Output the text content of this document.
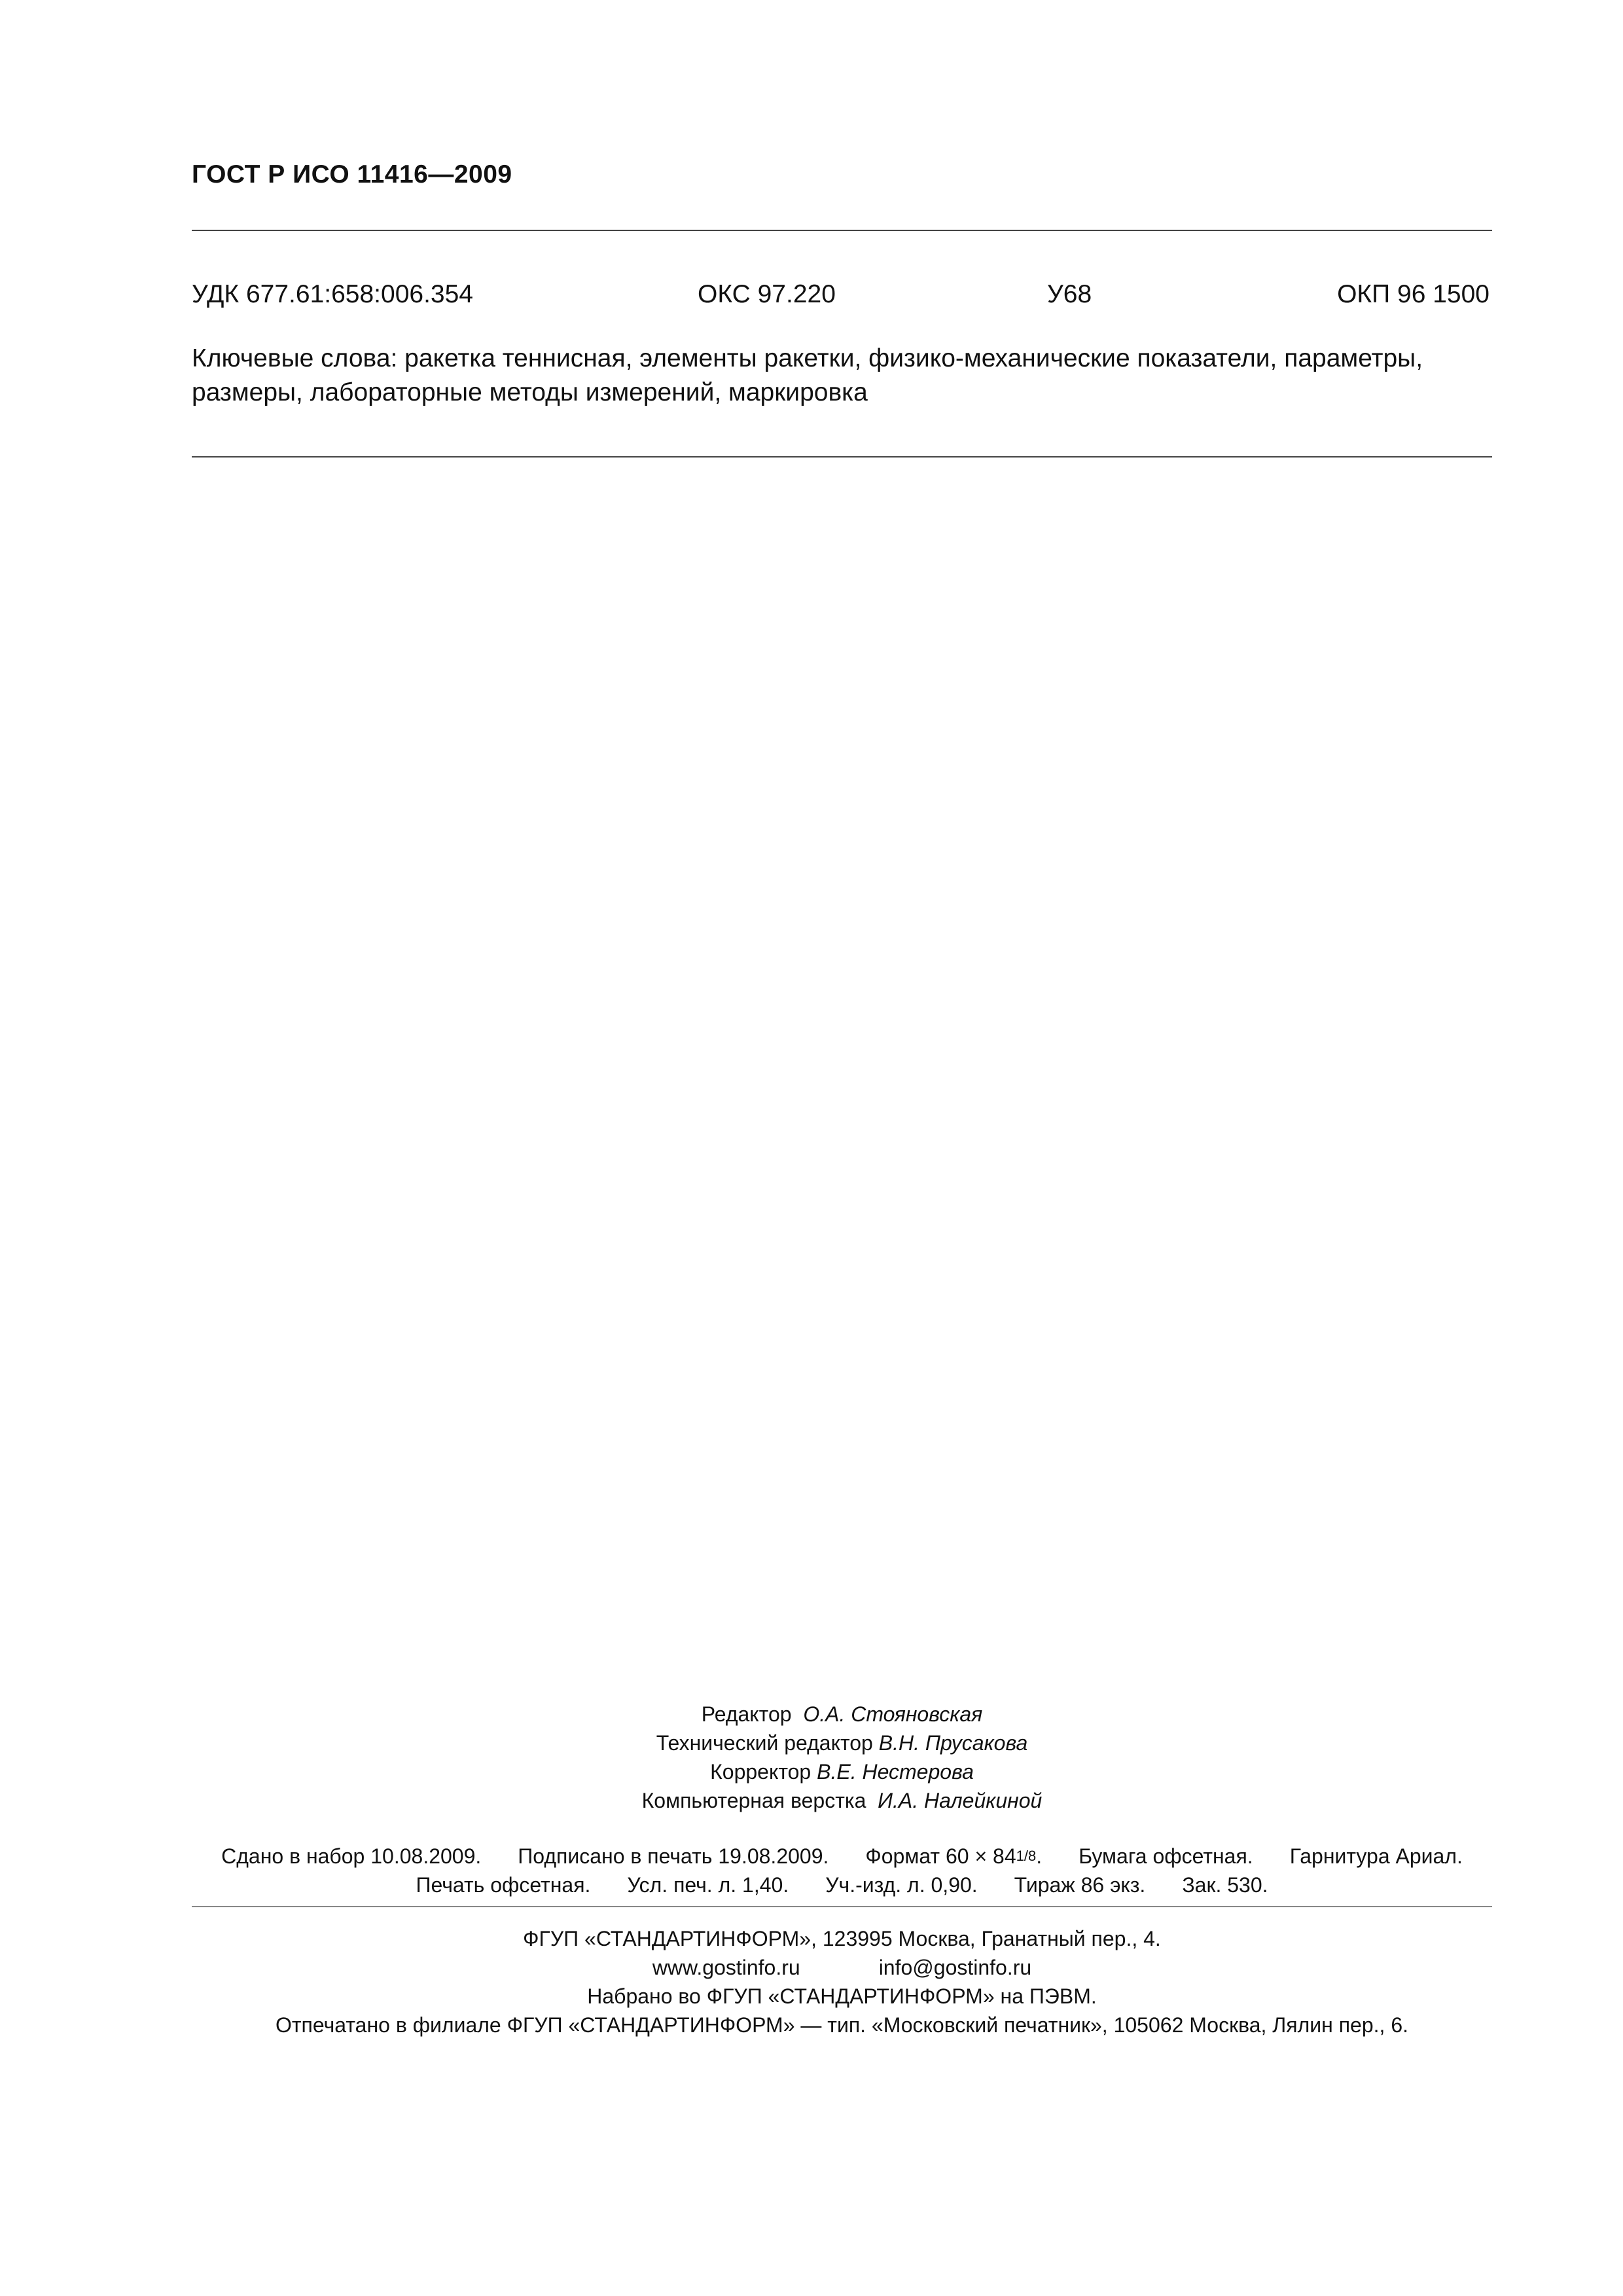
ГОСТ Р ИСО 11416—2009
УДК 677.61:658:006.354	ОКС 97.220	У68	ОКП 96 1500
Ключевые слова: ракетка теннисная, элементы ракетки, физико-механические показатели, параметры, размеры, лабораторные методы измерений, маркировка
Редактор О.А. Стояновская
Технический редактор В.Н. Прусакова
Корректор В.Е. Нестерова
Компьютерная верстка И.А. Налейкиной
Сдано в набор 10.08.2009. Подписано в печать 19.08.2009. Формат 60 × 841/8. Бумага офсетная. Гарнитура Ариал.
Печать офсетная. Усл. печ. л. 1,40. Уч.-изд. л. 0,90. Тираж 86 экз. Зак. 530.
ФГУП «СТАНДАРТИНФОРМ», 123995 Москва, Гранатный пер., 4.
www.gostinfo.ru	info@gostinfo.ru
Набрано во ФГУП «СТАНДАРТИНФОРМ» на ПЭВМ.
Отпечатано в филиале ФГУП «СТАНДАРТИНФОРМ» — тип. «Московский печатник», 105062 Москва, Лялин пер., 6.
